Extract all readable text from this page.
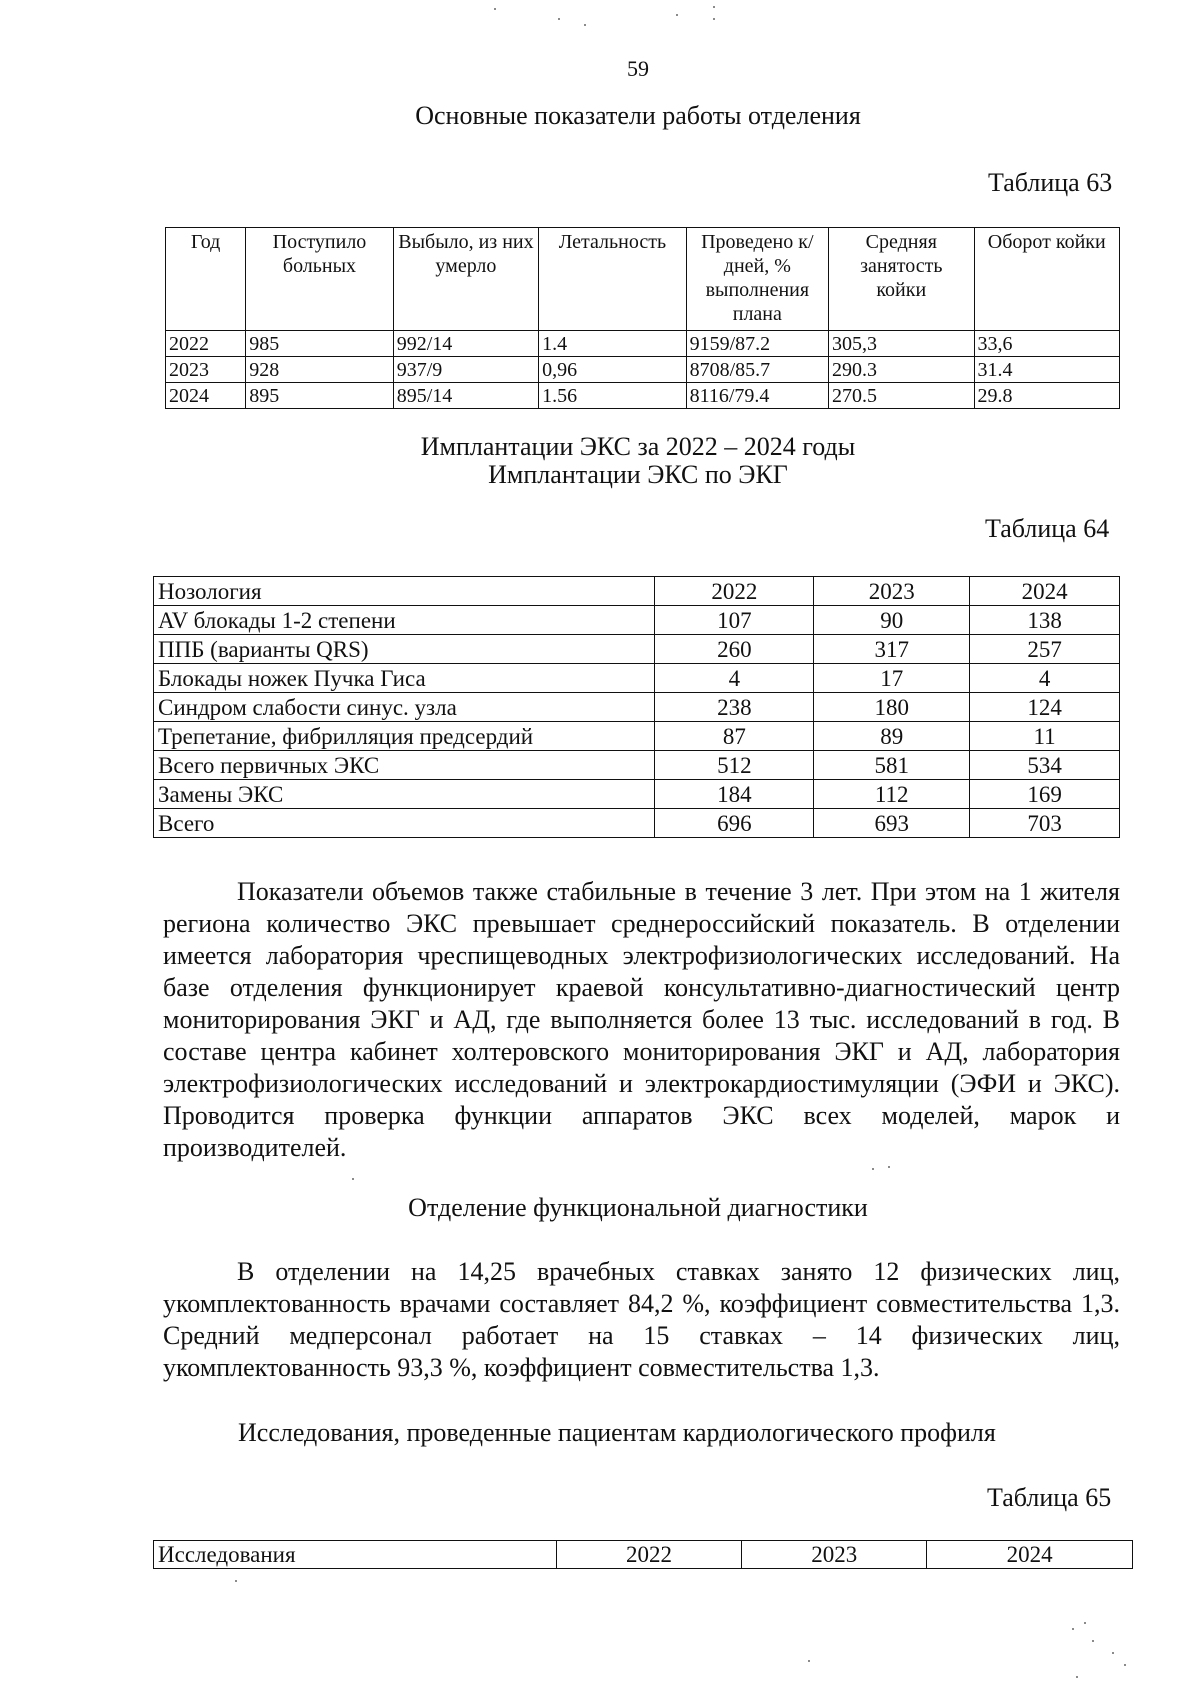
59
Основные показатели работы отделения
Таблица 63
Год	Поступило больных	Выбыло, из них умерло	Летальность	Проведено к/дней, % выполнения плана	Средняя занятость койки	Оборот койки
2022	985	992/14	1.4	9159/87.2	305,3	33,6
2023	928	937/9	0,96	8708/85.7	290.3	31.4
2024	895	895/14	1.56	8116/79.4	270.5	29.8
Имплантации ЭКС за 2022 – 2024 годы
Имплантации ЭКС по ЭКГ
Таблица 64
Нозология	2022	2023	2024
AV блокады 1-2 степени	107	90	138
ППБ (варианты QRS)	260	317	257
Блокады ножек Пучка Гиса	4	17	4
Синдром слабости синус. узла	238	180	124
Трепетание, фибрилляция предсердий	87	89	11
Всего первичных ЭКС	512	581	534
Замены ЭКС	184	112	169
Всего	696	693	703

Показатели объемов также стабильные в течение 3 лет. При этом на 1 жителя региона количество ЭКС превышает среднероссийский показатель. В отделении имеется лаборатория чреспищеводных электрофизиологических исследований. На базе отделения функционирует краевой консультативно-диагностический центр мониторирования ЭКГ и АД, где выполняется более 13 тыс. исследований в год. В составе центра кабинет холтеровского мониторирования ЭКГ и АД, лаборатория электрофизиологических исследований и электрокардиостимуляции (ЭФИ и ЭКС). Проводится проверка функции аппаратов ЭКС всех моделей, марок и производителей.

Отделение функциональной диагностики

В отделении на 14,25 врачебных ставках занято 12 физических лиц, укомплектованность врачами составляет 84,2 %, коэффициент совместительства 1,3. Средний медперсонал работает на 15 ставках – 14 физических лиц, укомплектованность 93,3 %, коэффициент совместительства 1,3.

Исследования, проведенные пациентам кардиологического профиля
Таблица 65
Исследования	2022	2023	2024
